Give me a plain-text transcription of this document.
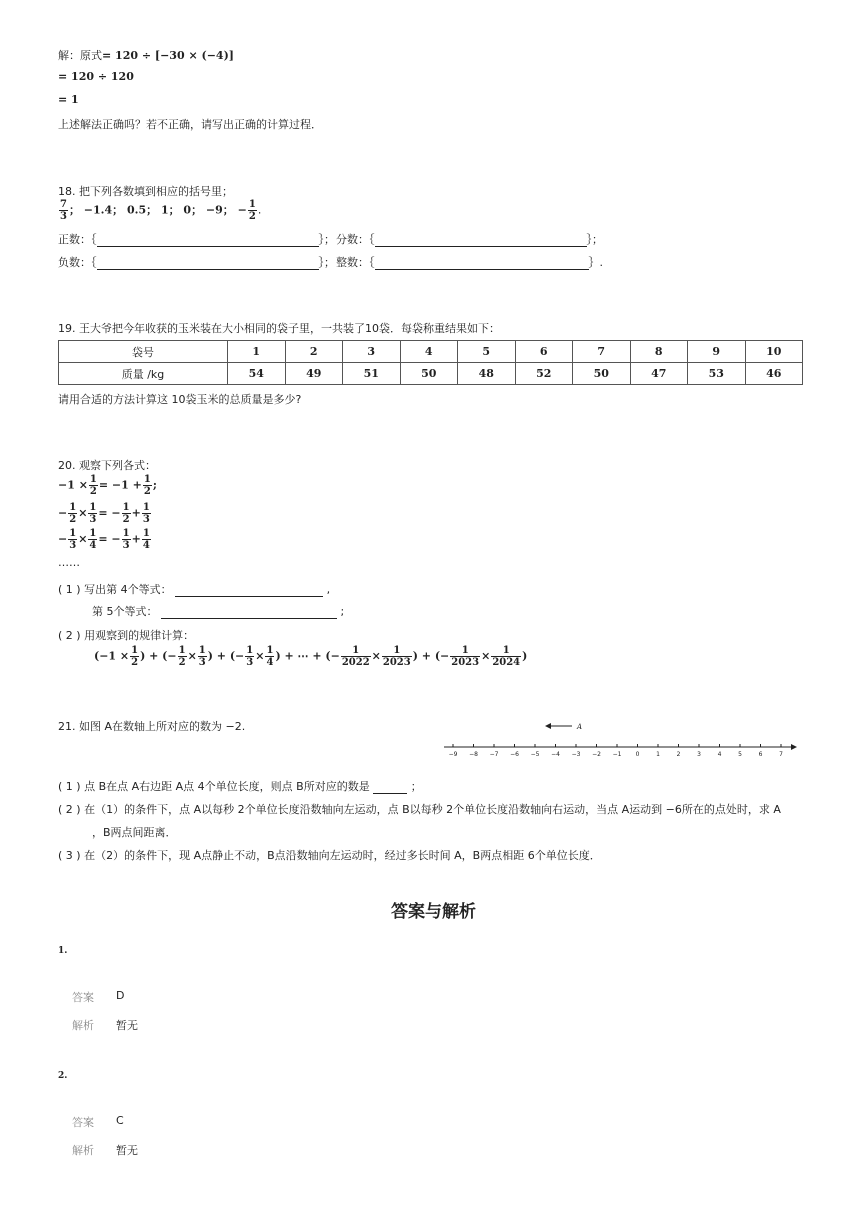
解：原式= 120 ÷ [−30 × (−4)]
= 120 ÷ 120
= 1
上述解法正确吗？若不正确，请写出正确的计算过程．
18. 把下列各数填到相应的括号里；
$\frac{7}{3}$ ； −1.4； 0.5； 1； 0； −9； − $\frac{1}{2}$ .
正数：｛	｝； 分数：｛	｝；
负数：｛	｝； 整数：｛	｝.
19. 王大爷把今年收获的玉米装在大小相同的袋子里，一共装了10袋．每袋称重结果如下：
袋号	1	2	3	4	5	6	7	8	9	10
质量 /kg	54	49	51	50	48	52	50	47	53	46
请用合适的方法计算这 10袋玉米的总质量是多少?
20. 观察下列各式：
$-1 \times \frac{1}{2} = -1 + \frac{1}{2}$ ;
− $\frac{1}{2} \times \frac{1}{3}$ = − $\frac{1}{2} + \frac{1}{3}$
− $\frac{1}{3} \times \frac{1}{4}$ = − $\frac{1}{3} + \frac{1}{4}$
……
( 1 ) 写出第 4个等式：	,
第 5个等式：	;
( 2 ) 用观察到的规律计算：
($-1 \times \frac{1}{2}$ ) + (− $\frac{1}{2} \times \frac{1}{3}$ ) + (− $\frac{1}{3} \times \frac{1}{4}$ ) + ⋯ + (− $\frac{1}{2022} \times \frac{1}{2023}$ ) + (− $\frac{1}{2023} \times \frac{1}{2024}$ )
21. 如图 A在数轴上所对应的数为 −2.	A
−9 −8 −7 −6 −5 −4 −3 −2 −1 0	1	2	3	4	5	6	7
( 1 ) 点 B在点 A右边距 A点 4个单位长度，则点 B所对应的数是	；
( 2 ) 在（1）的条件下，点 A以每秒 2个单位长度沿数轴向左运动，点 B以每秒 2个单位长度沿数轴向右运动，当点 A运动到 −6所在的点处时，求 A
，B两点间距离．
( 3 ) 在（2）的条件下，现 A点静止不动，B点沿数轴向左运动时，经过多长时间 A，B两点相距 6个单位长度．
答案与解析
1.
答案 D
解析 暂无
2.
答案 C
解析 暂无
